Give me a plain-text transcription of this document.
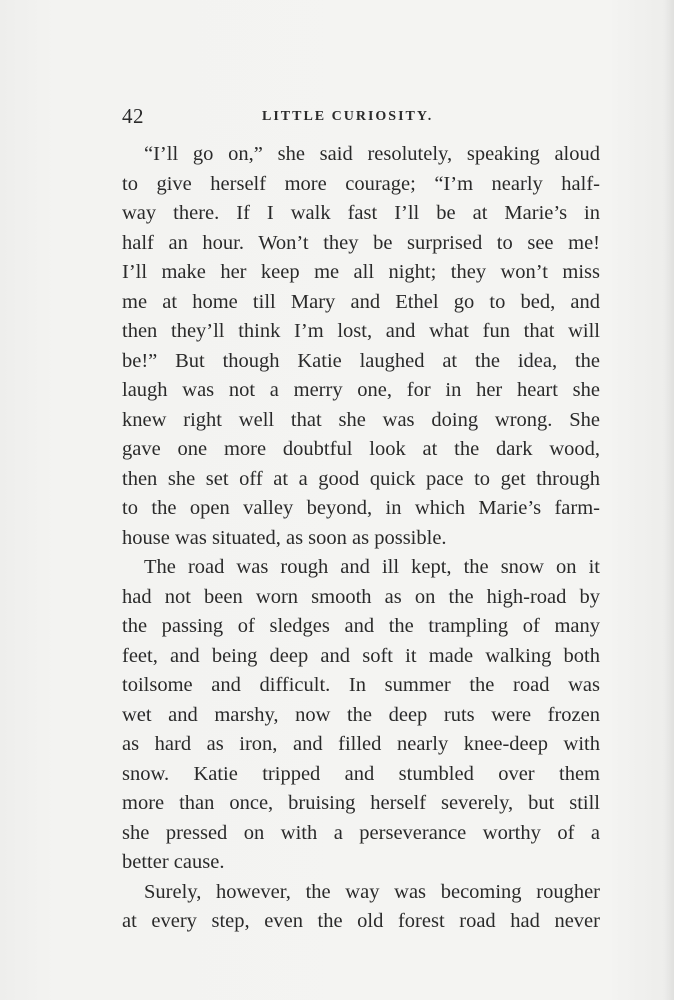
42	LITTLE CURIOSITY.
“I’ll go on,” she said resolutely, speaking aloud
to give herself more courage; “I’m nearly half-
way there. If I walk fast I’ll be at Marie’s in
half an hour. Won’t they be surprised to see me!
I’ll make her keep me all night; they won’t miss
me at home till Mary and Ethel go to bed, and
then they’ll think I’m lost, and what fun that will
be!” But though Katie laughed at the idea, the
laugh was not a merry one, for in her heart she
knew right well that she was doing wrong. She
gave one more doubtful look at the dark wood,
then she set off at a good quick pace to get through
to the open valley beyond, in which Marie’s farm-
house was situated, as soon as possible.
The road was rough and ill kept, the snow on it
had not been worn smooth as on the high-road by
the passing of sledges and the trampling of many
feet, and being deep and soft it made walking both
toilsome and difficult. In summer the road was
wet and marshy, now the deep ruts were frozen
as hard as iron, and filled nearly knee-deep with
snow. Katie tripped and stumbled over them
more than once, bruising herself severely, but still
she pressed on with a perseverance worthy of a
better cause.
Surely, however, the way was becoming rougher
at every step, even the old forest road had never
